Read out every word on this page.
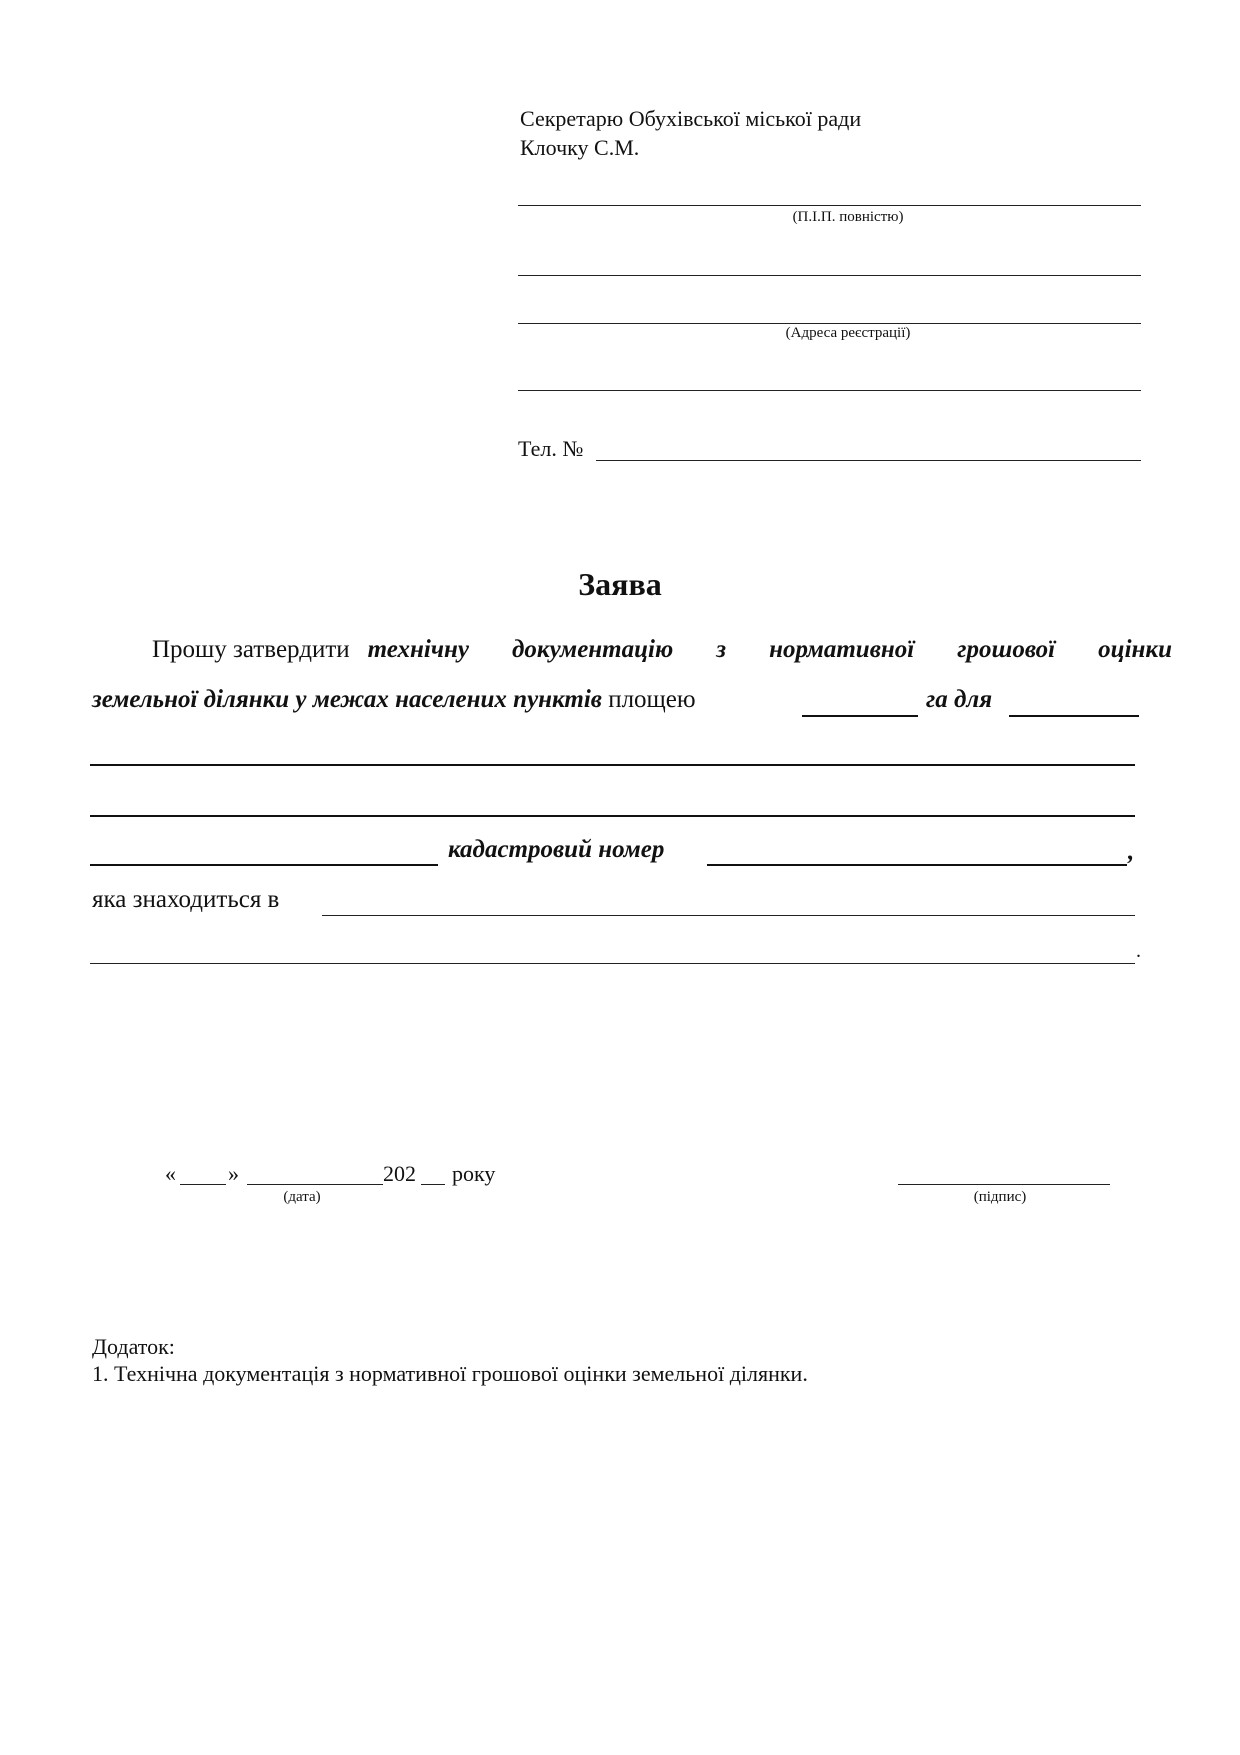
Секретарю Обухівської міської ради
Клочку С.М.
(П.І.П. повністю)
(Адреса реєстрації)
Тел. №
Заява
Прошу затвердити технічну документацію з нормативної грошової оцінки
земельної ділянки у межах населених пунктів площею	га для
кадастровий номер	,
яка знаходиться в
.
« »	202 року
(дата)	(підпис)
Додаток:
1. Технічна документація з нормативної грошової оцінки земельної ділянки.
